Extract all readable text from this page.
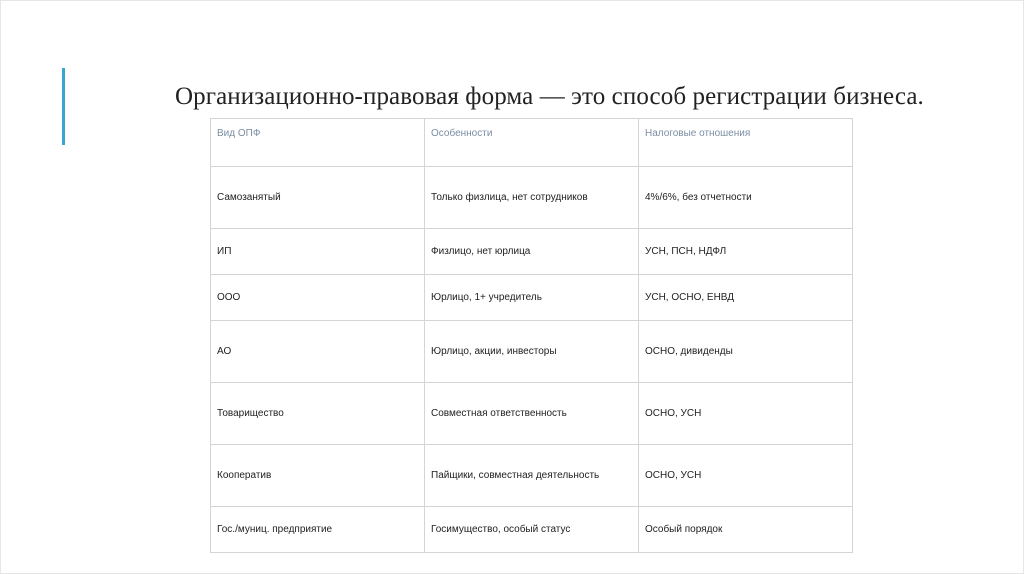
Организационно-правовая форма — это способ регистрации бизнеса.
Вид ОПФ	Особенности	Налоговые отношения
Самозанятый	Только физлица, нет сотрудников	4%/6%, без отчетности
ИП	Физлицо, нет юрлица	УСН, ПСН, НДФЛ
ООО	Юрлицо, 1+ учредитель	УСН, ОСНО, ЕНВД
АО	Юрлицо, акции, инвесторы	ОСНО, дивиденды
Товарищество	Совместная ответственность	ОСНО, УСН
Кооператив	Пайщики, совместная деятельность	ОСНО, УСН
Гос./муниц. предприятие	Госимущество, особый статус	Особый порядок
